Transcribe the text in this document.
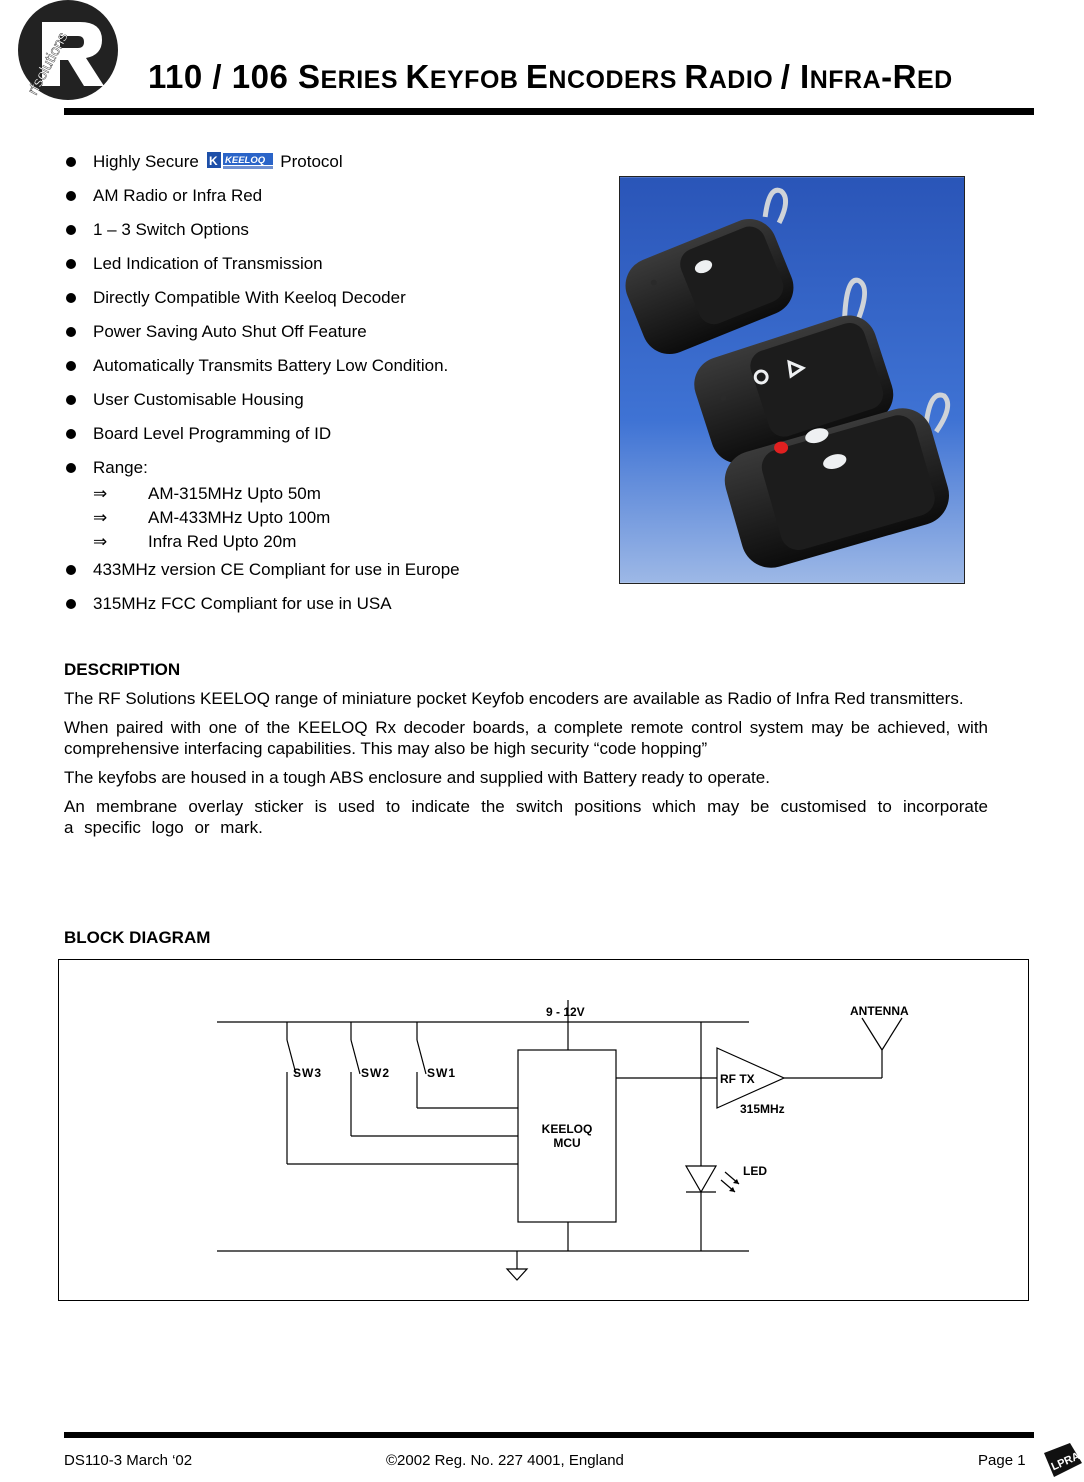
rfsolutions 110 / 106 SERIES KEYFOB ENCODERS RADIO / INFRA-RED
Highly Secure K KEELOQ Protocol
AM Radio or Infra Red
1 – 3 Switch Options
Led Indication of Transmission
Directly Compatible With Keeloq Decoder
Power Saving Auto Shut Off Feature
Automatically Transmits Battery Low Condition.
User Customisable Housing
Board Level Programming of ID
Range:
⇒ AM-315MHz Upto 50m
⇒ AM-433MHz Upto 100m
⇒ Infra Red Upto 20m
433MHz version CE Compliant for use in Europe
315MHz FCC Compliant for use in USA
DESCRIPTION

The RF Solutions KEELOQ range of miniature pocket Keyfob encoders are available as Radio of Infra Red transmitters.

When paired with one of the KEELOQ Rx decoder boards, a complete remote control system may be achieved, with comprehensive interfacing capabilities. This may also be high security “code hopping”

The keyfobs are housed in a tough ABS enclosure and supplied with Battery ready to operate.

An membrane overlay sticker is used to indicate the switch positions which may be customised to incorporate a specific logo or mark.

BLOCK DIAGRAM
9 - 12V	ANTENNA
SW3	SW2	SW1
KEELOQ
MCU
RF TX
315MHz
LED
DS110-3 March ‘02	©2002 Reg. No. 227 4001, England	Page 1 LPRA
